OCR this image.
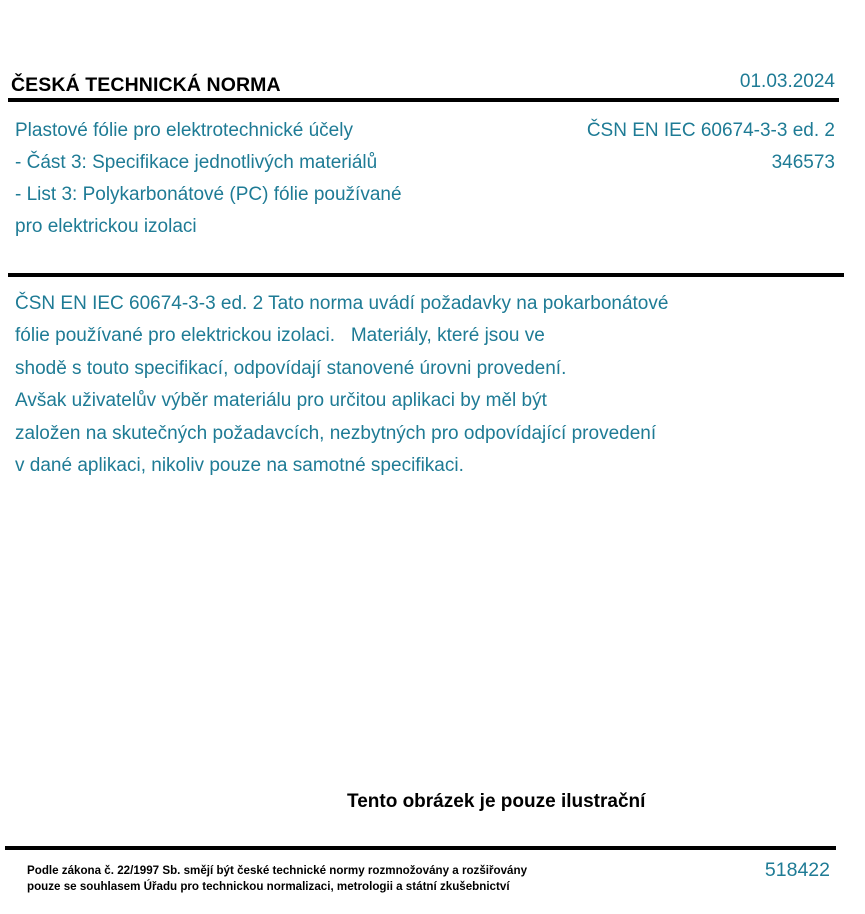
ČESKÁ TECHNICKÁ NORMA	01.03.2024
Plastové fólie pro elektrotechnické účely
- Část 3: Specifikace jednotlivých materiálů
- List 3: Polykarbonátové (PC) fólie používané
pro elektrickou izolaci
ČSN EN IEC 60674-3-3 ed. 2
346573
ČSN EN IEC 60674-3-3 ed. 2 Tato norma uvádí požadavky na pokarbonátové
fólie používané pro elektrickou izolaci.   Materiály, které jsou ve
shodě s touto specifikací, odpovídají stanovené úrovni provedení.
Avšak uživatelův výběr materiálu pro určitou aplikaci by měl být
založen na skutečných požadavcích, nezbytných pro odpovídající provedení
v dané aplikaci, nikoliv pouze na samotné specifikaci.
Tento obrázek je pouze ilustrační
Podle zákona č. 22/1997 Sb. smějí být české technické normy rozmnožovány a rozšiřovány
pouze se souhlasem Úřadu pro technickou normalizaci, metrologii a státní zkušebnictví
518422
